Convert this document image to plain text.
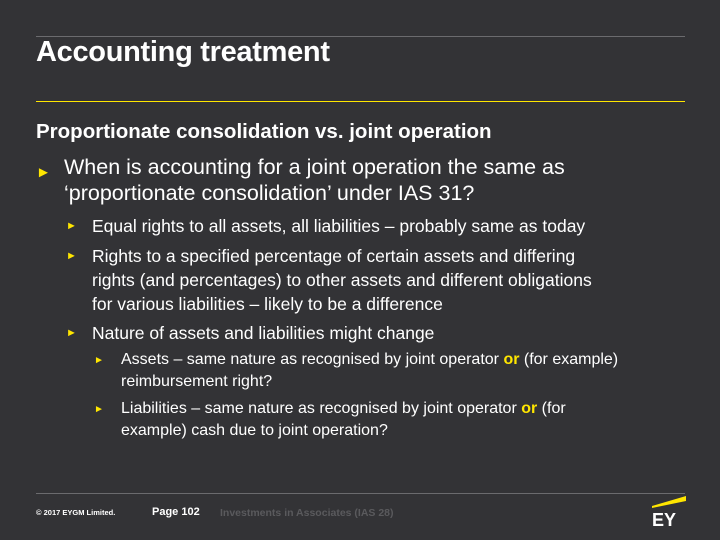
Accounting treatment
Proportionate consolidation vs. joint operation
► When is accounting for a joint operation the same as
‘proportionate consolidation’ under IAS 31?
► Equal rights to all assets, all liabilities – probably same as today
► Rights to a specified percentage of certain assets and differing
rights (and percentages) to other assets and different obligations
for various liabilities – likely to be a difference
► Nature of assets and liabilities might change
► Assets – same nature as recognised by joint operator or (for example)
reimbursement right?
► Liabilities – same nature as recognised by joint operator or (for
example) cash due to joint operation?
© 2017 EYGM Limited.	Page 102 Investments in Associates (IAS 28)	EY
